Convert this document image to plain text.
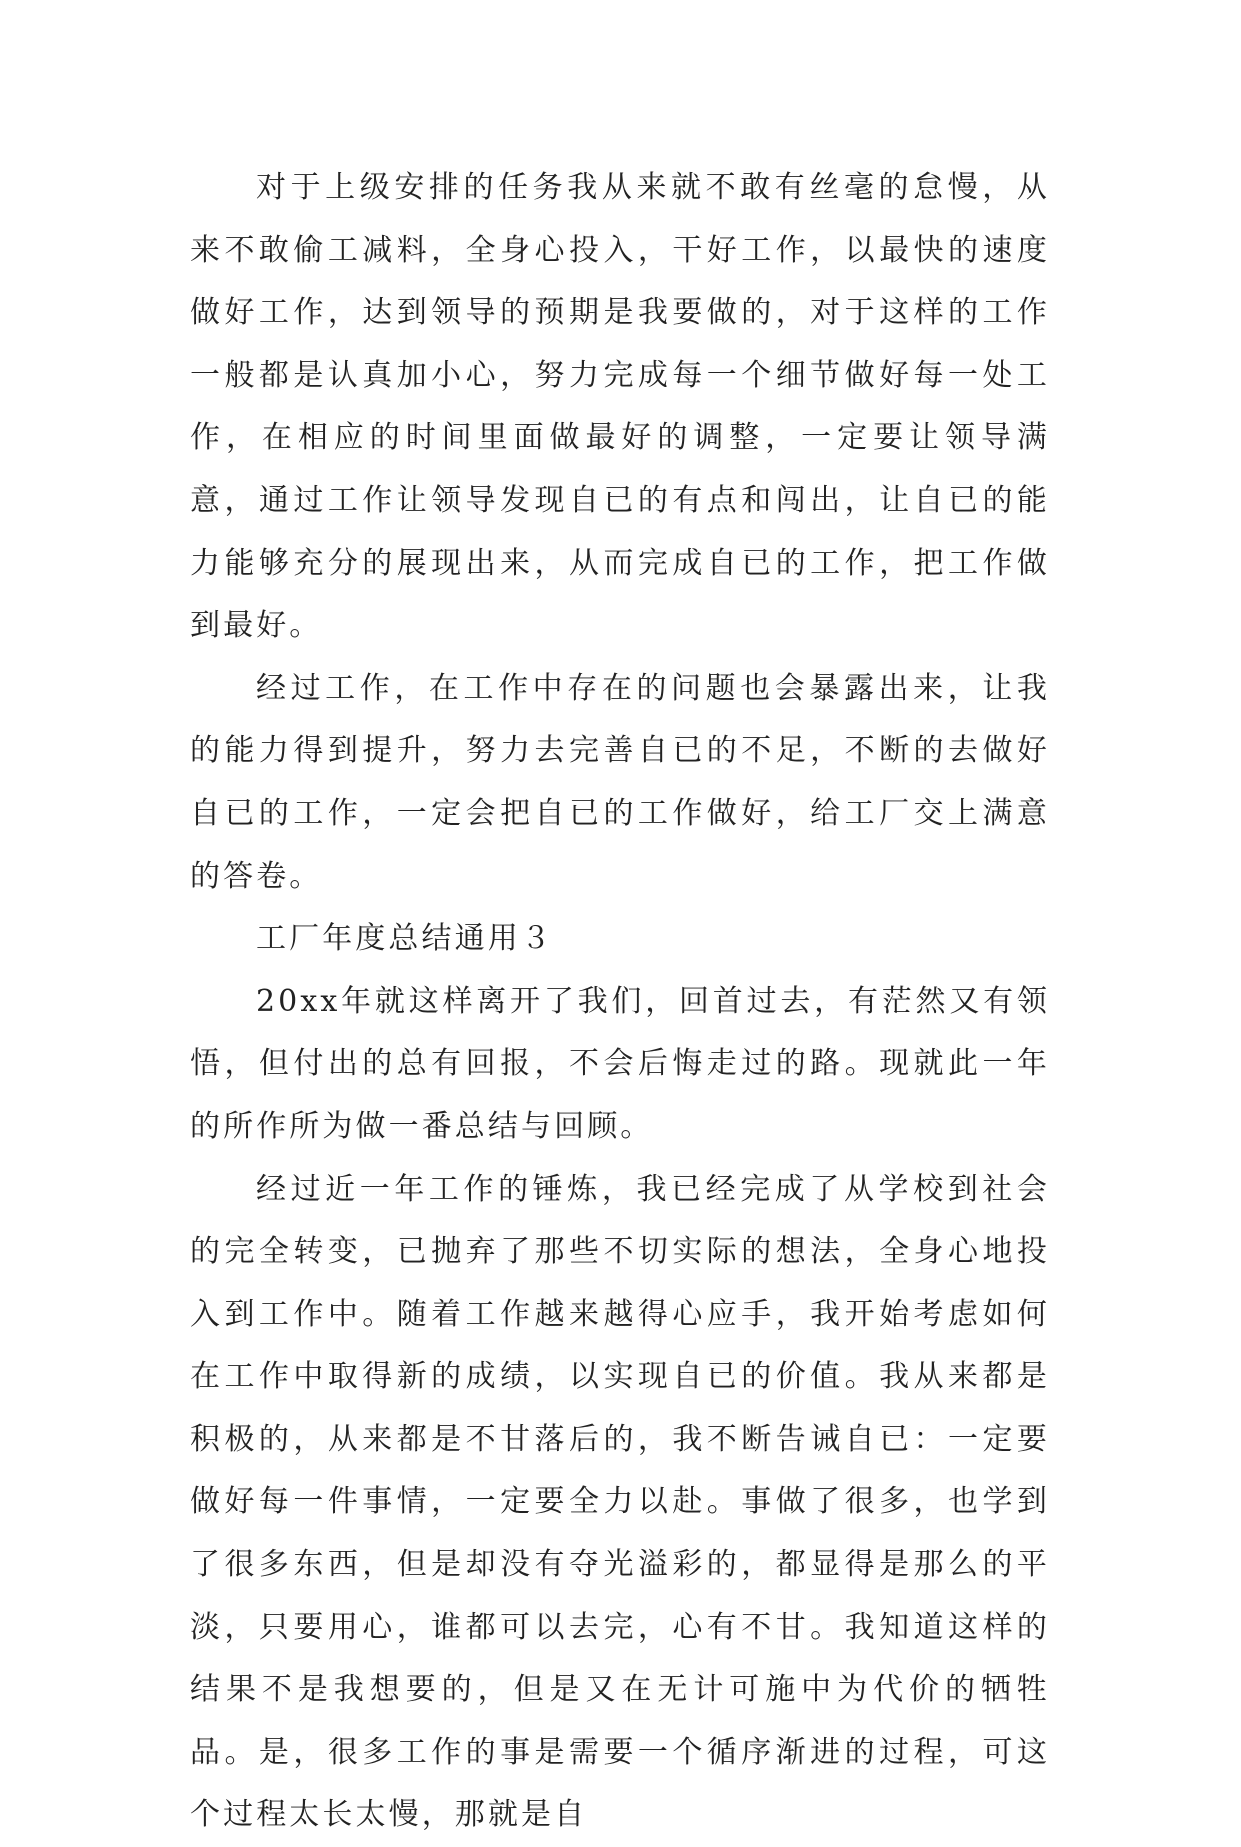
对于上级安排的任务我从来就不敢有丝毫的怠慢，从来不敢偷工减料，全身心投入，干好工作，以最快的速度做好工作，达到领导的预期是我要做的，对于这样的工作一般都是认真加小心，努力完成每一个细节做好每一处工作，在相应的时间里面做最好的调整，一定要让领导满意，通过工作让领导发现自已的有点和闯出，让自已的能力能够充分的展现出来，从而完成自已的工作，把工作做到最好。

经过工作，在工作中存在的问题也会暴露出来，让我的能力得到提升，努力去完善自已的不足，不断的去做好自已的工作，一定会把自已的工作做好，给工厂交上满意的答卷。

工厂年度总结通用３

20xx年就这样离开了我们，回首过去，有茫然又有领悟，但付出的总有回报，不会后悔走过的路。现就此一年的所作所为做一番总结与回顾。

经过近一年工作的锤炼，我已经完成了从学校到社会的完全转变，已抛弃了那些不切实际的想法，全身心地投入到工作中。随着工作越来越得心应手，我开始考虑如何在工作中取得新的成绩，以实现自已的价值。我从来都是积极的，从来都是不甘落后的，我不断告诫自已：一定要做好每一件事情，一定要全力以赴。事做了很多，也学到了很多东西，但是却没有夺光溢彩的，都显得是那么的平淡，只要用心，谁都可以去完，心有不甘。我知道这样的结果不是我想要的，但是又在无计可施中为代价的牺牲品。是，很多工作的事是需要一个循序渐进的过程，可这个过程太长太慢，那就是自
